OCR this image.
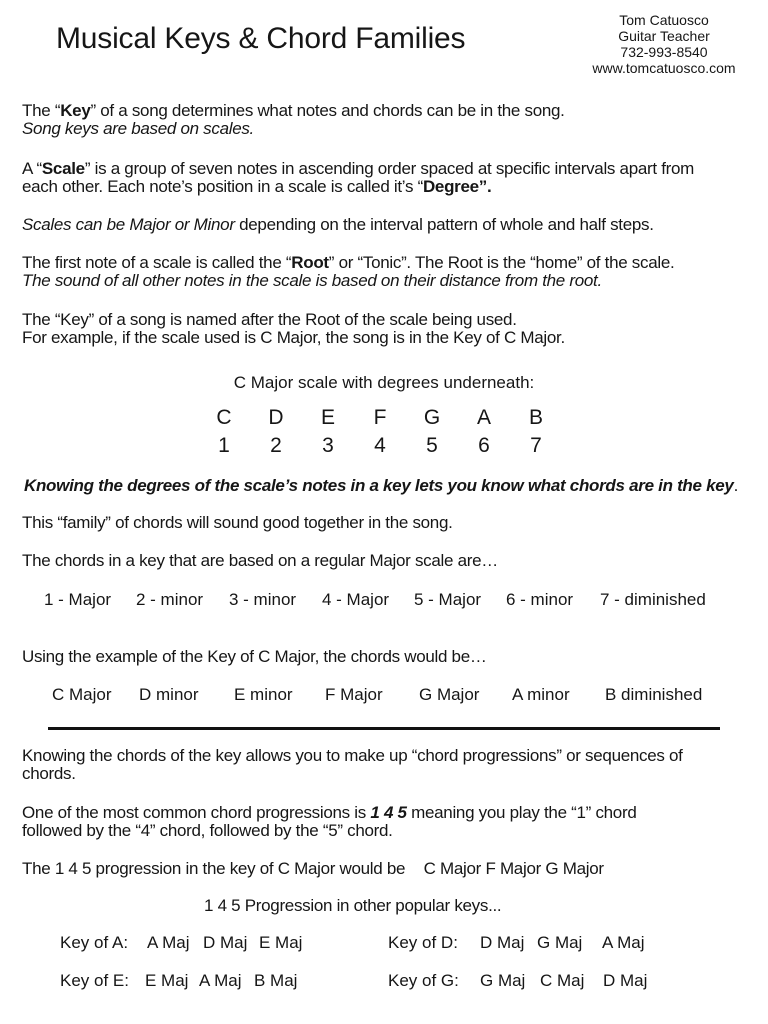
Musical Keys & Chord Families
Tom Catuosco
Guitar Teacher
732-993-8540
www.tomcatuosco.com
The “Key” of a song determines what notes and chords can be in the song.
Song keys are based on scales.
A “Scale” is a group of seven notes in ascending order spaced at specific intervals apart from
each other. Each note’s position in a scale is called it’s “Degree”.
Scales can be Major or Minor depending on the interval pattern of whole and half steps.
The first note of a scale is called the “Root” or “Tonic”. The Root is the “home” of the scale.
The sound of all other notes in the scale is based on their distance from the root.
The “Key” of a song is named after the Root of the scale being used.
For example, if the scale used is C Major, the song is in the Key of C Major.
C Major scale with degrees underneath:
C	D	E	F	G	A	B
1	2	3	4	5	6	7
Knowing the degrees of the scale’s notes in a key lets you know what chords are in the key.
This “family” of chords will sound good together in the song.
The chords in a key that are based on a regular Major scale are…
1 - Major 2 - minor 3 - minor 4 - Major 5 - Major 6 - minor 7 - diminished
Using the example of the Key of C Major, the chords would be…
C Major D minor E minor F Major G Major A minor B diminished
Knowing the chords of the key allows you to make up “chord progressions” or sequences of
chords.
One of the most common chord progressions is 1 4 5 meaning you play the “1” chord
followed by the “4” chord, followed by the “5” chord.
The 1 4 5 progression in the key of C Major would be C Major F Major G Major
1 4 5 Progression in other popular keys...
Key of A: A Maj D Maj E Maj	Key of D: D Maj G Maj A Maj
Key of E: E Maj A Maj B Maj	Key of G: G Maj C Maj D Maj
